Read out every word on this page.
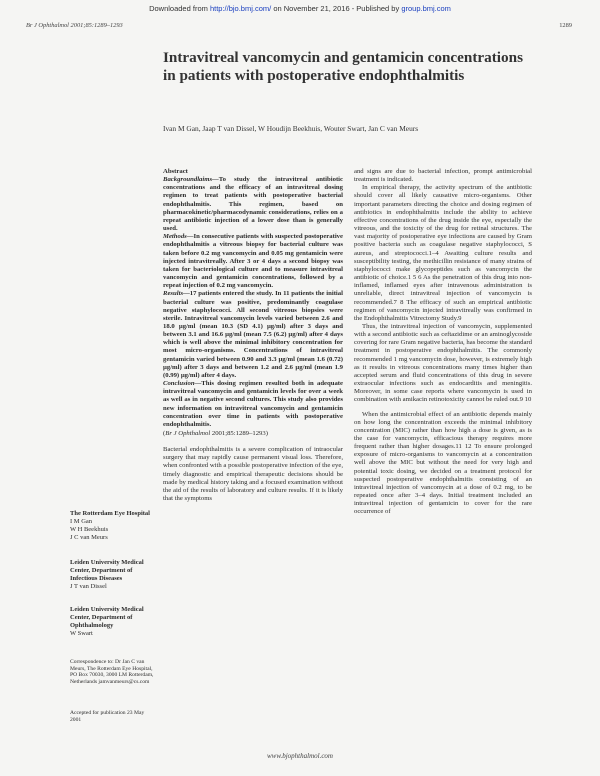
Downloaded from http://bjo.bmj.com/ on November 21, 2016 - Published by group.bmj.com
Br J Ophthalmol 2001;85:1289–1293	1289
Intravitreal vancomycin and gentamicin concentrations in patients with postoperative endophthalmitis
Ivan M Gan, Jaap T van Dissel, W Houdijn Beekhuis, Wouter Swart, Jan C van Meurs
Abstract

Backgroundlaims—To study the intravitreal antibiotic concentrations and the efficacy of an intravitreal dosing regimen to treat patients with postoperative bacterial endophthalmitis. This regimen, based on pharmacokinetic/pharmacodynamic considerations, relies on a repeat antibiotic injection of a lower dose than is generally used.

Methods—In consecutive patients with suspected postoperative endophthalmitis a vitreous biopsy for bacterial culture was taken before 0.2 mg vancomycin and 0.05 mg gentamicin were injected intravitreally. After 3 or 4 days a second biopsy was taken for bacteriological culture and to measure intravitreal vancomycin and gentamicin concentrations, followed by a repeat injection of 0.2 mg vancomycin.

Results—17 patients entered the study. In 11 patients the initial bacterial culture was positive, predominantly coagulase negative staphylococci. All second vitreous biopsies were sterile. Intravitreal vancomycin levels varied between 2.6 and 18.0 µg/ml (mean 10.3 (SD 4.1) µg/ml) after 3 days and between 3.1 and 16.6 µg/ml (mean 7.5 (6.2) µg/ml) after 4 days which is well above the minimal inhibitory concentration for most micro-organisms. Concentrations of intravitreal gentamicin varied between 0.90 and 3.3 µg/ml (mean 1.6 (0.72) µg/ml) after 3 days and between 1.2 and 2.6 µg/ml (mean 1.9 (0.99) µg/ml) after 4 days.

Conclusion—This dosing regimen resulted both in adequate intravitreal vancomycin and gentamicin levels for over a week as well as in negative second cultures. This study also provides new information on intravitreal vancomycin and gentamicin concentration over time in patients with postoperative endophthalmitis.

(Br J Ophthalmol 2001;85:1289–1293)

Bacterial endophthalmitis is a severe complication of intraocular surgery that may rapidly cause permanent visual loss. Therefore, when confronted with a possible postoperative infection of the eye, timely diagnostic and empirical therapeutic decisions should be made by medical history taking and a focused examination without the aid of the results of laboratory and culture results. If it is likely that the symptoms

and signs are due to bacterial infection, prompt antimicrobial treatment is indicated.

In empirical therapy, the activity spectrum of the antibiotic should cover all likely causative micro-organisms. Other important parameters directing the choice and dosing regimen of antibiotics in endophthalmitis include the ability to achieve effective concentrations of the drug inside the eye, especially the vitreous, and the toxicity of the drug for retinal structures. The vast majority of postoperative eye infections are caused by Gram positive bacteria such as coagulase negative staphylococci, S aureus, and streptococci.1–4 Awaiting culture results and susceptibility testing, the methicillin resistance of many strains of staphylococci make glycopeptides such as vancomycin the antibiotic of choice.1 5 6 As the penetration of this drug into non-inflamed, inflamed eyes after intravenous administration is unreliable, direct intravitreal injection of vancomycin is recommended.7 8 The efficacy of such an empirical antibiotic regimen of vancomycin injected intravitreally was confirmed in the Endophthalmitis Vitrectomy Study.9

Thus, the intravitreal injection of vancomycin, supplemented with a second antibiotic such as ceftazidime or an aminoglycoside covering for rare Gram negative bacteria, has become the standard treatment in postoperative endophthalmitis. The commonly recommended 1 mg vancomycin dose, however, is extremely high as it results in vitreous concentrations many times higher than accepted serum and fluid concentrations of this drug in severe extraocular infections such as endocarditis and meningitis. Moreover, in some case reports where vancomycin is used in combination with amikacin retinotoxicity cannot be ruled out.9 10

When the antimicrobial effect of an antibiotic depends mainly on how long the concentration exceeds the minimal inhibitory concentration (MIC) rather than how high a dose is given, as is the case for vancomycin, efficacious therapy requires more frequent rather than higher dosages.11 12 To ensure prolonged exposure of micro-organisms to vancomycin at a concentration well above the MIC but without the need for very high and potential toxic dosing, we decided on a treatment protocol for suspected postoperative endophthalmitis consisting of an intravitreal injection of vancomycin at a dose of 0.2 mg, to be repeated once after 3–4 days. Initial treatment included an intravitreal injection of gentamicin to cover for the rare occurrence of

The Rotterdam Eye Hospital
I M Gan
W H Beekhuis
J C van Meurs
Leiden University Medical Center, Department of Infectious Diseases
J T van Dissel
Leiden University Medical Center, Department of Ophthalmology
W Swart
Correspondence to: Dr Jan C van Meurs, The Rotterdam Eye Hospital, PO Box 70030, 3000 LM Rotterdam, Netherlands jamvanmeurs@cs.com
Accepted for publication 23 May 2001
www.bjophthalmol.com
